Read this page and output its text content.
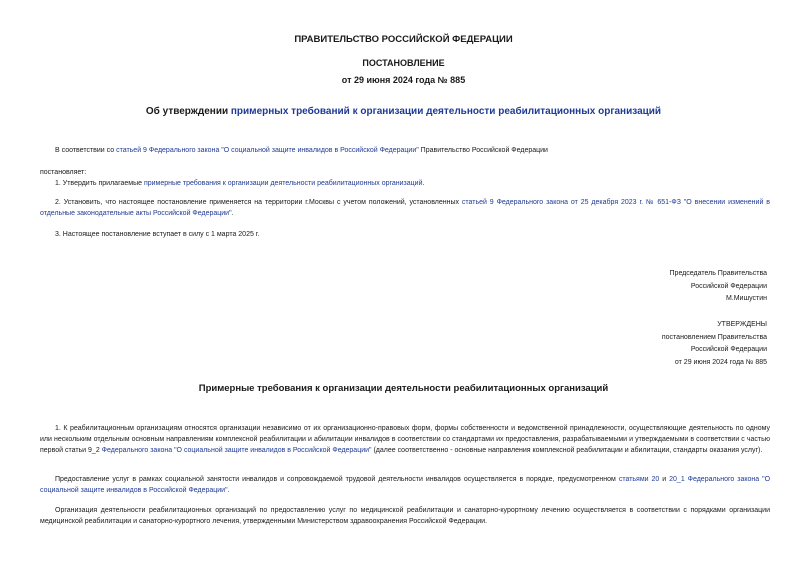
ПРАВИТЕЛЬСТВО РОССИЙСКОЙ ФЕДЕРАЦИИ
ПОСТАНОВЛЕНИЕ
от 29 июня 2024 года № 885
Об утверждении примерных требований к организации деятельности реабилитационных организаций

В соответствии со статьей 9 Федерального закона "О социальной защите инвалидов в Российской Федерации" Правительство Российской Федерации

постановляет:

1. Утвердить прилагаемые примерные требования к организации деятельности реабилитационных организаций.

2. Установить, что настоящее постановление применяется на территории г.Москвы с учетом положений, установленных статьей 9 Федерального закона от 25 декабря 2023 г. № 651-ФЗ "О внесении изменений в отдельные законодательные акты Российской Федерации".

3. Настоящее постановление вступает в силу с 1 марта 2025 г.

Председатель Правительства
Российской Федерации
М.Мишустин
УТВЕРЖДЕНЫ
постановлением Правительства
Российской Федерации
от 29 июня 2024 года № 885
Примерные требования к организации деятельности реабилитационных организаций

1. К реабилитационным организациям относятся организации независимо от их организационно-правовых форм, формы собственности и ведомственной принадлежности, осуществляющие деятельность по одному или нескольким отдельным основным направлениям комплексной реабилитации и абилитации инвалидов в соответствии со стандартами их предоставления, разрабатываемыми и утверждаемыми в соответствии с частью первой статьи 9_2 Федерального закона "О социальной защите инвалидов в Российской Федерации" (далее соответственно - основные направления комплексной реабилитации и абилитации, стандарты оказания услуг).

Предоставление услуг в рамках социальной занятости инвалидов и сопровождаемой трудовой деятельности инвалидов осуществляется в порядке, предусмотренном статьями 20 и 20_1 Федерального закона "О социальной защите инвалидов в Российской Федерации".

Организация деятельности реабилитационных организаций по предоставлению услуг по медицинской реабилитации и санаторно-курортному лечению осуществляется в соответствии с порядками организации медицинской реабилитации и санаторно-курортного лечения, утвержденными Министерством здравоохранения Российской Федерации.
